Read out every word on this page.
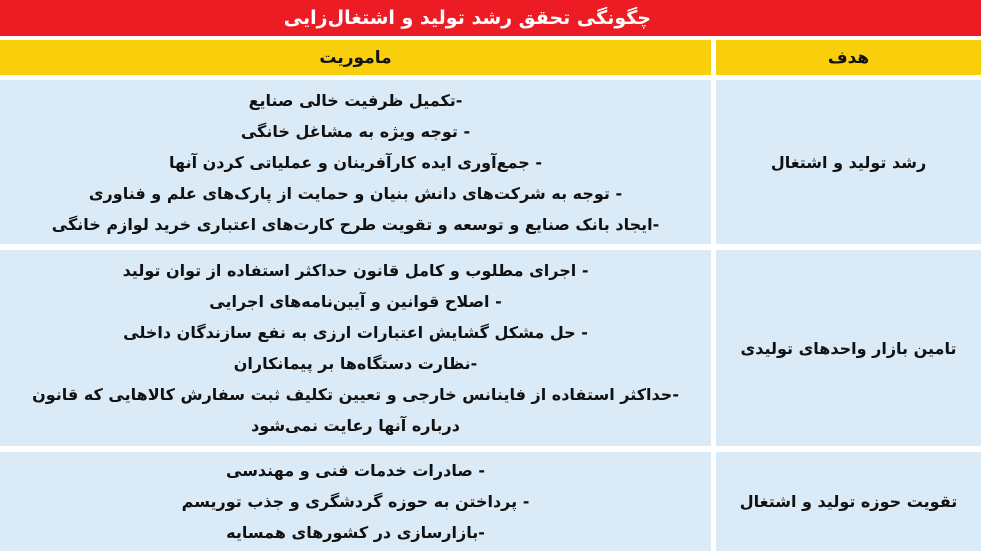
چگونگی تحقق رشد تولید و اشتغال‌زایی
هدف
ماموریت
رشد تولید و اشتغال
-تکمیل ظرفیت خالی صنایع
- توجه ویژه به مشاغل خانگی
- جمع‌آوری ایده کارآفرینان و عملیاتی کردن آنها
- توجه به شرکت‌های دانش بنیان و حمایت از پارک‌های علم و فناوری
-ایجاد بانک صنایع و توسعه و تقویت طرح کارت‌های اعتباری خرید لوازم خانگی
تامین بازار واحدهای تولیدی
- اجرای مطلوب و کامل قانون حداکثر استفاده از توان تولید
- اصلاح قوانین و آیین‌نامه‌های اجرایی
- حل مشکل گشایش اعتبارات ارزی به نفع سازندگان داخلی
-نظارت دستگاه‌ها بر پیمانکاران
-حداکثر استفاده از فاینانس خارجی و تعیین تکلیف ثبت سفارش کالاهایی که قانون
درباره آنها رعایت نمی‌شود
تقویت حوزه تولید و اشتغال
- صادرات خدمات فنی و مهندسی
- پرداختن به حوزه گردشگری و جذب توریسم
-بازارسازی در کشورهای همسایه
